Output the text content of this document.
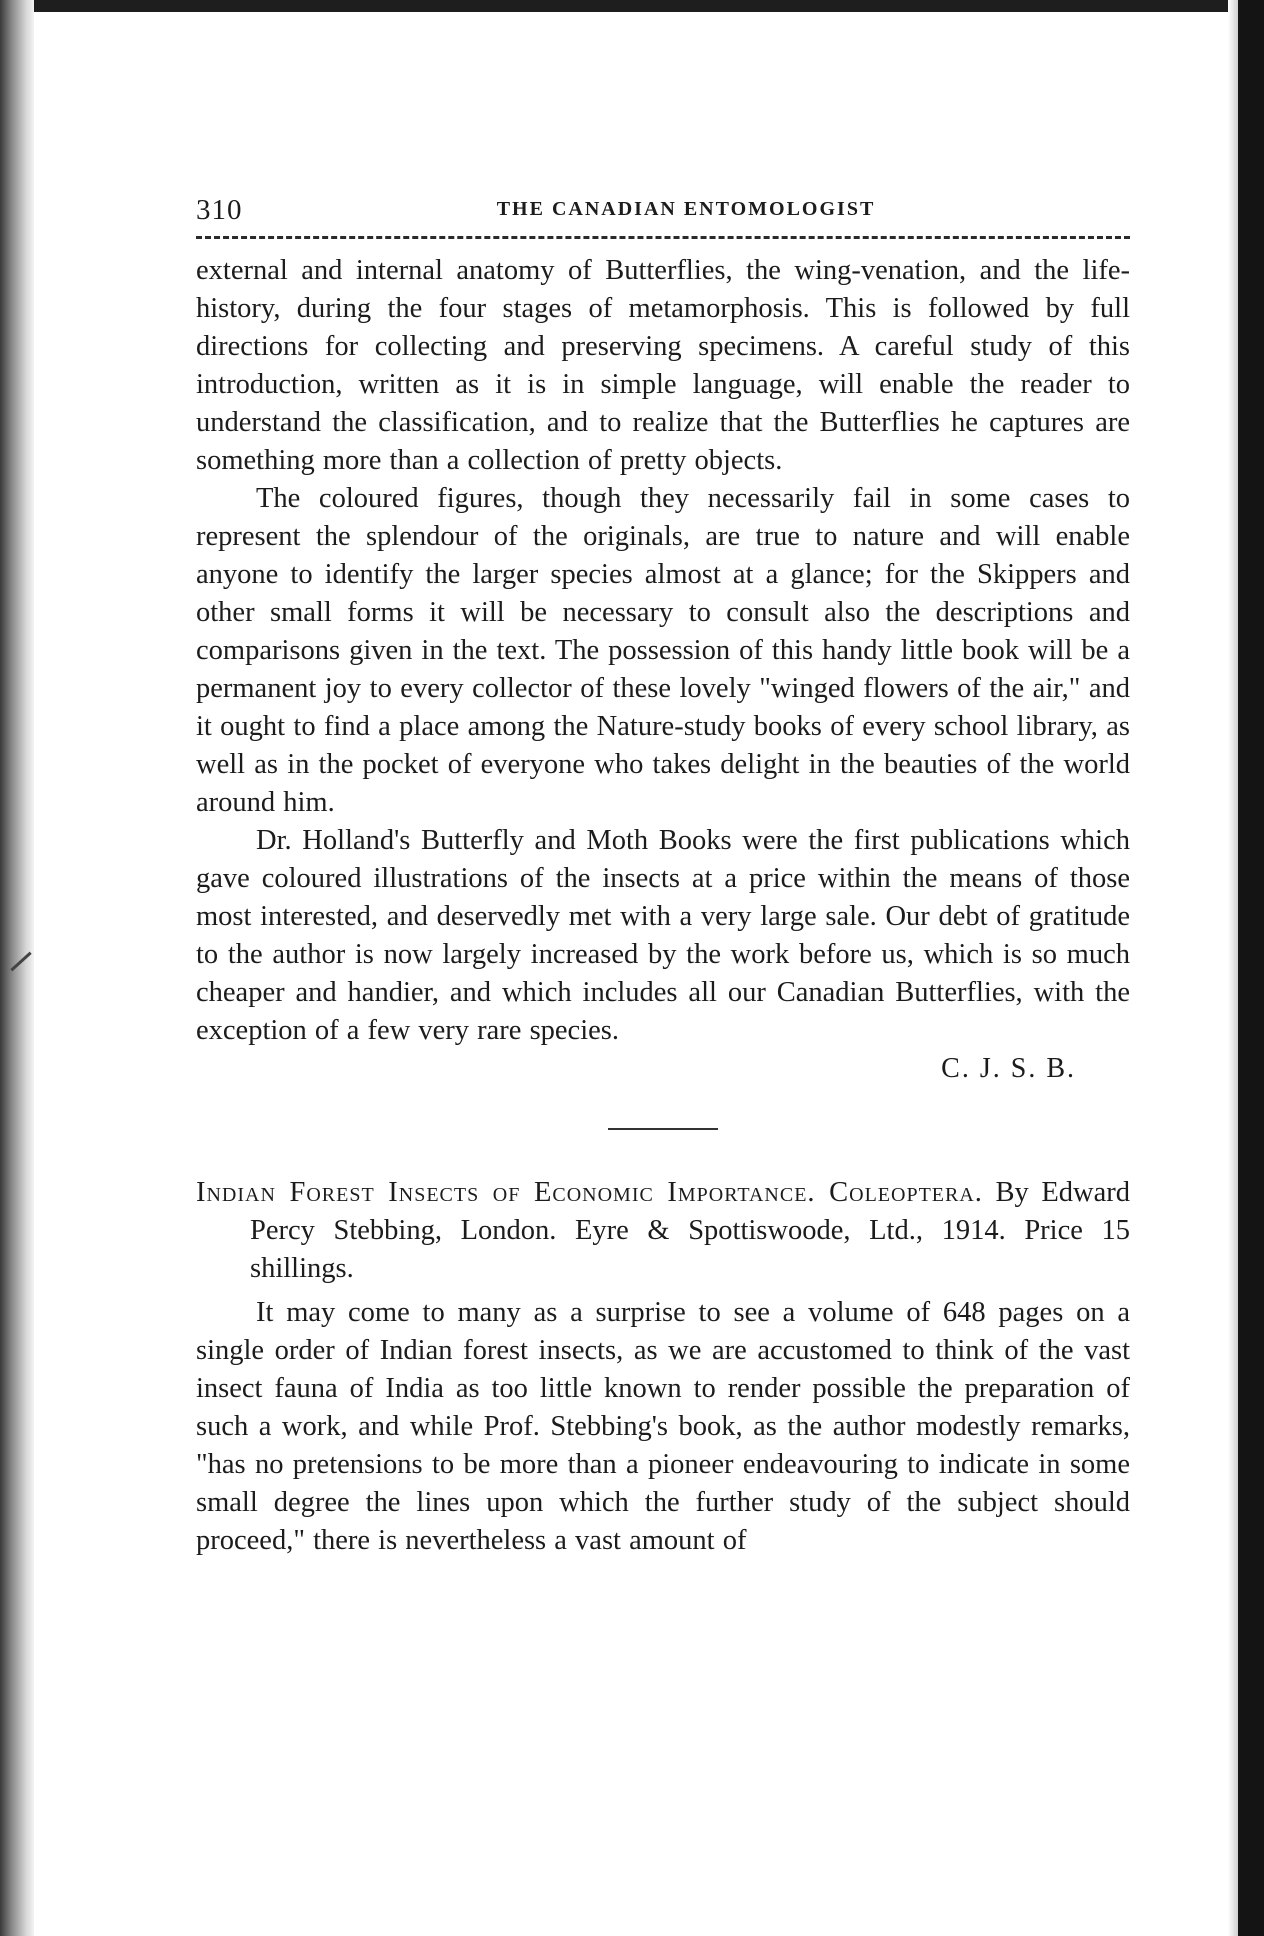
310	THE CANADIAN ENTOMOLOGIST

external and internal anatomy of Butterflies, the wing-venation, and the life-history, during the four stages of metamorphosis. This is followed by full directions for collecting and preserving specimens. A careful study of this introduction, written as it is in simple language, will enable the reader to understand the classification, and to realize that the Butterflies he captures are something more than a collection of pretty objects.

The coloured figures, though they necessarily fail in some cases to represent the splendour of the originals, are true to nature and will enable anyone to identify the larger species almost at a glance; for the Skippers and other small forms it will be necessary to consult also the descriptions and comparisons given in the text. The possession of this handy little book will be a permanent joy to every collector of these lovely "winged flowers of the air," and it ought to find a place among the Nature-study books of every school library, as well as in the pocket of everyone who takes delight in the beauties of the world around him.

Dr. Holland's Butterfly and Moth Books were the first publications which gave coloured illustrations of the insects at a price within the means of those most interested, and deservedly met with a very large sale. Our debt of gratitude to the author is now largely increased by the work before us, which is so much cheaper and handier, and which includes all our Canadian Butterflies, with the exception of a few very rare species.

C. J. S. B.

Indian Forest Insects of Economic Importance. Coleoptera. By Edward Percy Stebbing, London. Eyre & Spottiswoode, Ltd., 1914. Price 15 shillings.

It may come to many as a surprise to see a volume of 648 pages on a single order of Indian forest insects, as we are accustomed to think of the vast insect fauna of India as too little known to render possible the preparation of such a work, and while Prof. Stebbing's book, as the author modestly remarks, "has no pretensions to be more than a pioneer endeavouring to indicate in some small degree the lines upon which the further study of the subject should proceed," there is nevertheless a vast amount of
